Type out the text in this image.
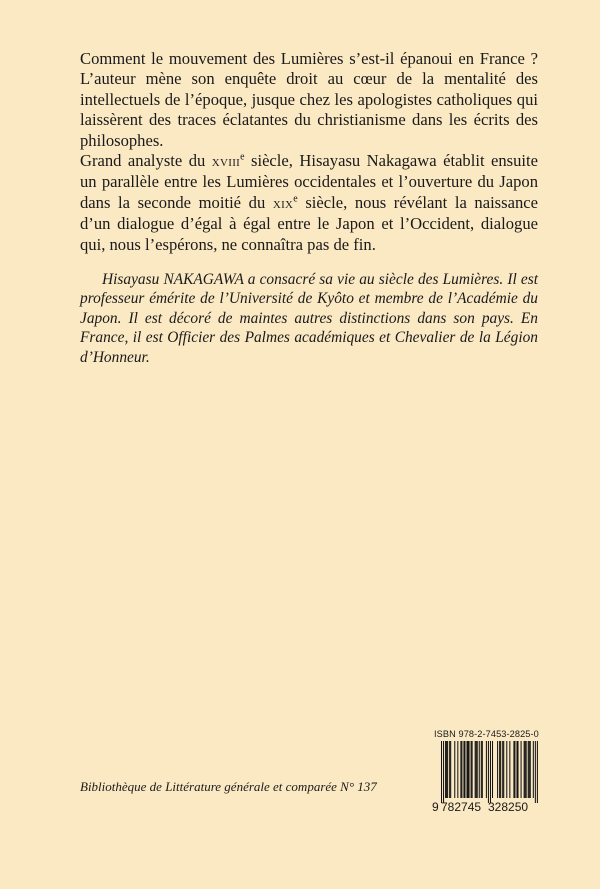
Comment le mouvement des Lumières s’est-il épanoui en France ? L’auteur mène son enquête droit au cœur de la mentalité des intellectuels de l’époque, jusque chez les apologistes catholiques qui laissèrent des traces éclatantes du christianisme dans les écrits des philosophes.

Grand analyste du xviii$^e$ siècle, Hisayasu Nakagawa établit ensuite un parallèle entre les Lumières occidentales et l’ouverture du Japon dans la seconde moitié du xix$^e$ siècle, nous révélant la naissance d’un dialogue d’égal à égal entre le Japon et l’Occident, dialogue qui, nous l’espérons, ne connaîtra pas de fin.

Hisayasu NAKAGAWA a consacré sa vie au siècle des Lumières. Il est professeur émérite de l’Université de Kyôto et membre de l’Académie du Japon. Il est décoré de maintes autres distinctions dans son pays. En France, il est Officier des Palmes académiques et Chevalier de la Légion d’Honneur.
Bibliothèque de Littérature générale et comparée N° 137
ISBN 978-2-7453-2825-0
9 782745 328250
